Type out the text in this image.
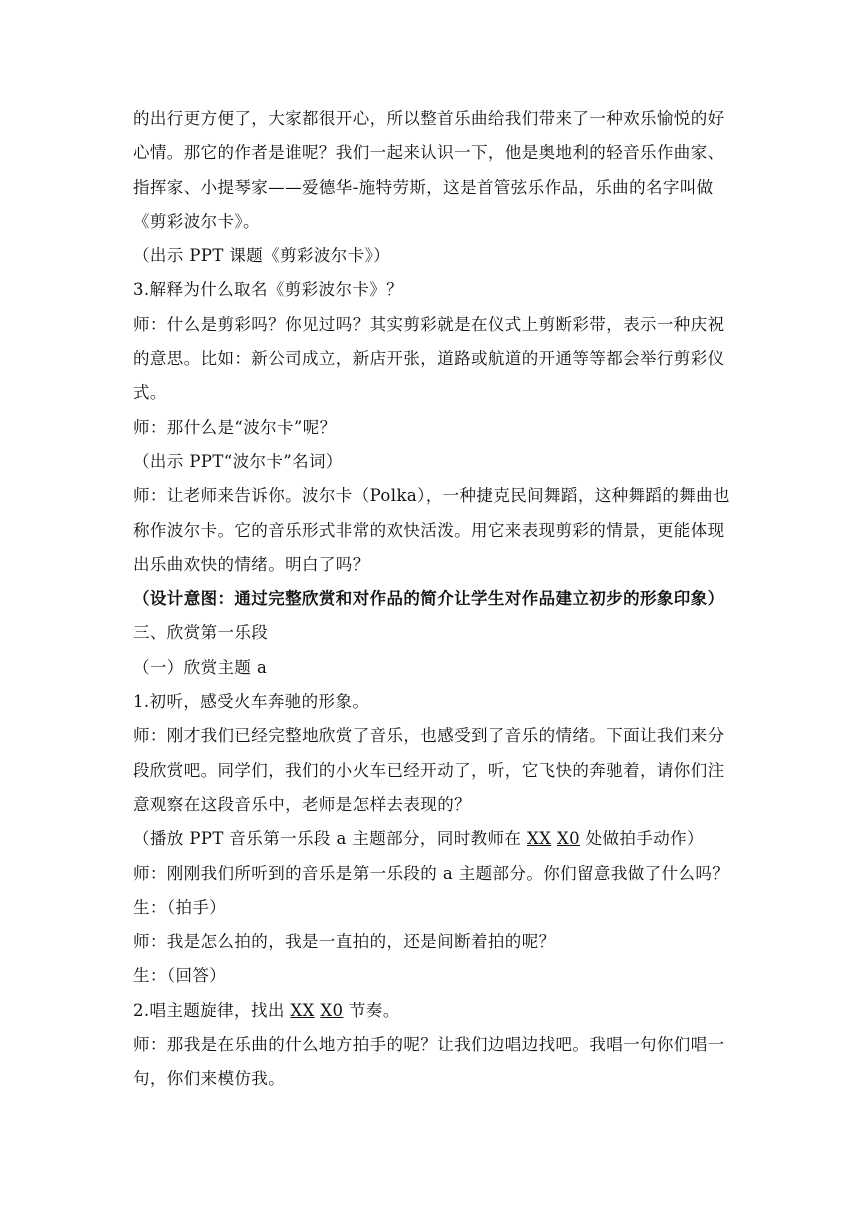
的出行更方便了，大家都很开心，所以整首乐曲给我们带来了一种欢乐愉悦的好心情。那它的作者是谁呢？我们一起来认识一下，他是奥地利的轻音乐作曲家、指挥家、小提琴家——爱德华-施特劳斯，这是首管弦乐作品，乐曲的名字叫做《剪彩波尔卡》。

（出示 PPT 课题《剪彩波尔卡》）

3.解释为什么取名《剪彩波尔卡》？

师：什么是剪彩吗？你见过吗？其实剪彩就是在仪式上剪断彩带，表示一种庆祝的意思。比如：新公司成立，新店开张，道路或航道的开通等等都会举行剪彩仪式。

师：那什么是“波尔卡”呢？

（出示 PPT“波尔卡”名词）

师：让老师来告诉你。波尔卡（Polka），一种捷克民间舞蹈，这种舞蹈的舞曲也称作波尔卡。它的音乐形式非常的欢快活泼。用它来表现剪彩的情景，更能体现出乐曲欢快的情绪。明白了吗？

（设计意图：通过完整欣赏和对作品的简介让学生对作品建立初步的形象印象）

三、欣赏第一乐段

（一）欣赏主题 a

1.初听，感受火车奔驰的形象。

师：刚才我们已经完整地欣赏了音乐，也感受到了音乐的情绪。下面让我们来分段欣赏吧。同学们，我们的小火车已经开动了，听，它飞快的奔驰着，请你们注意观察在这段音乐中，老师是怎样去表现的？

（播放 PPT 音乐第一乐段 a 主题部分，同时教师在 XX X0 处做拍手动作）

师：刚刚我们所听到的音乐是第一乐段的 a 主题部分。你们留意我做了什么吗？

生：（拍手）

师：我是怎么拍的，我是一直拍的，还是间断着拍的呢？

生：（回答）

2.唱主题旋律，找出 XX X0 节奏。

师：那我是在乐曲的什么地方拍手的呢？让我们边唱边找吧。我唱一句你们唱一句，你们来模仿我。
